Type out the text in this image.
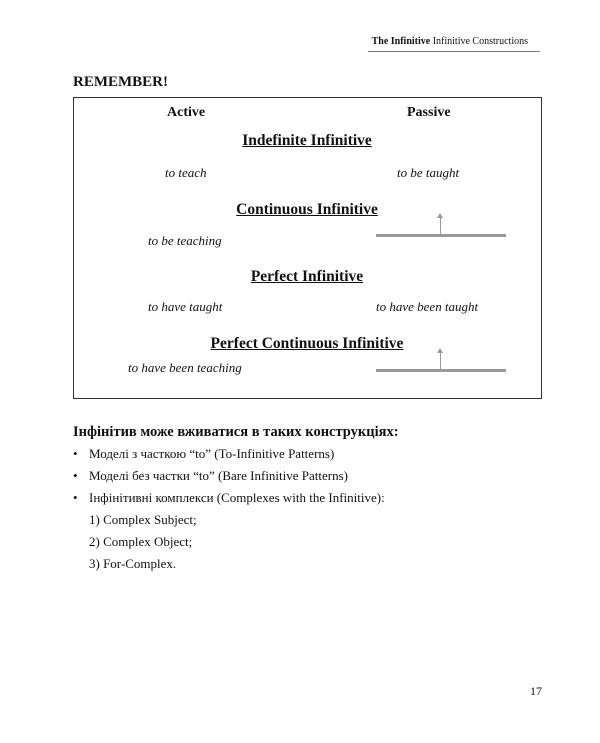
The Infinitive Infinitive Constructions
REMEMBER!
Active	Passive
Indefinite Infinitive
to teach	to be taught
Continuous Infinitive
to be teaching
Perfect Infinitive
to have taught	to have been taught
Perfect Continuous Infinitive
to have been teaching
Інфінітив може вживатися в таких конструкціях:
• Моделі з часткою “to” (To-Infinitive Patterns)
• Моделі без частки “to” (Bare Infinitive Patterns)
• Інфінітивні комплекси (Complexes with the Infinitive):
1) Complex Subject;
2) Complex Object;
3) For-Complex.
17
